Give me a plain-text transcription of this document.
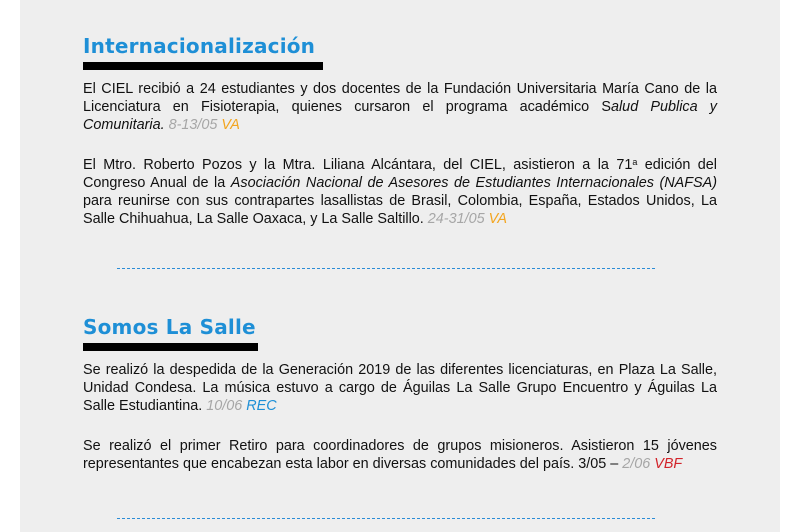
Internacionalización

El CIEL recibió a 24 estudiantes y dos docentes de la Fundación Universitaria María Cano de la Licenciatura en Fisioterapia, quienes cursaron el programa académico Salud Publica y Comunitaria. 8-13/05 VA

El Mtro. Roberto Pozos y la Mtra. Liliana Alcántara, del CIEL, asistieron a la 71$^a$ edición del Congreso Anual de la Asociación Nacional de Asesores de Estudiantes Internacionales (NAFSA) para reunirse con sus contrapartes lasallistas de Brasil, Colombia, España, Estados Unidos, La Salle Chihuahua, La Salle Oaxaca, y La Salle Saltillo. 24-31/05 VA

Somos La Salle

Se realizó la despedida de la Generación 2019 de las diferentes licenciaturas, en Plaza La Salle, Unidad Condesa. La música estuvo a cargo de Águilas La Salle Grupo Encuentro y Águilas La Salle Estudiantina. 10/06 REC

Se realizó el primer Retiro para coordinadores de grupos misioneros. Asistieron 15 jóvenes representantes que encabezan esta labor en diversas comunidades del país. 3/05 – 2/06 VBF
